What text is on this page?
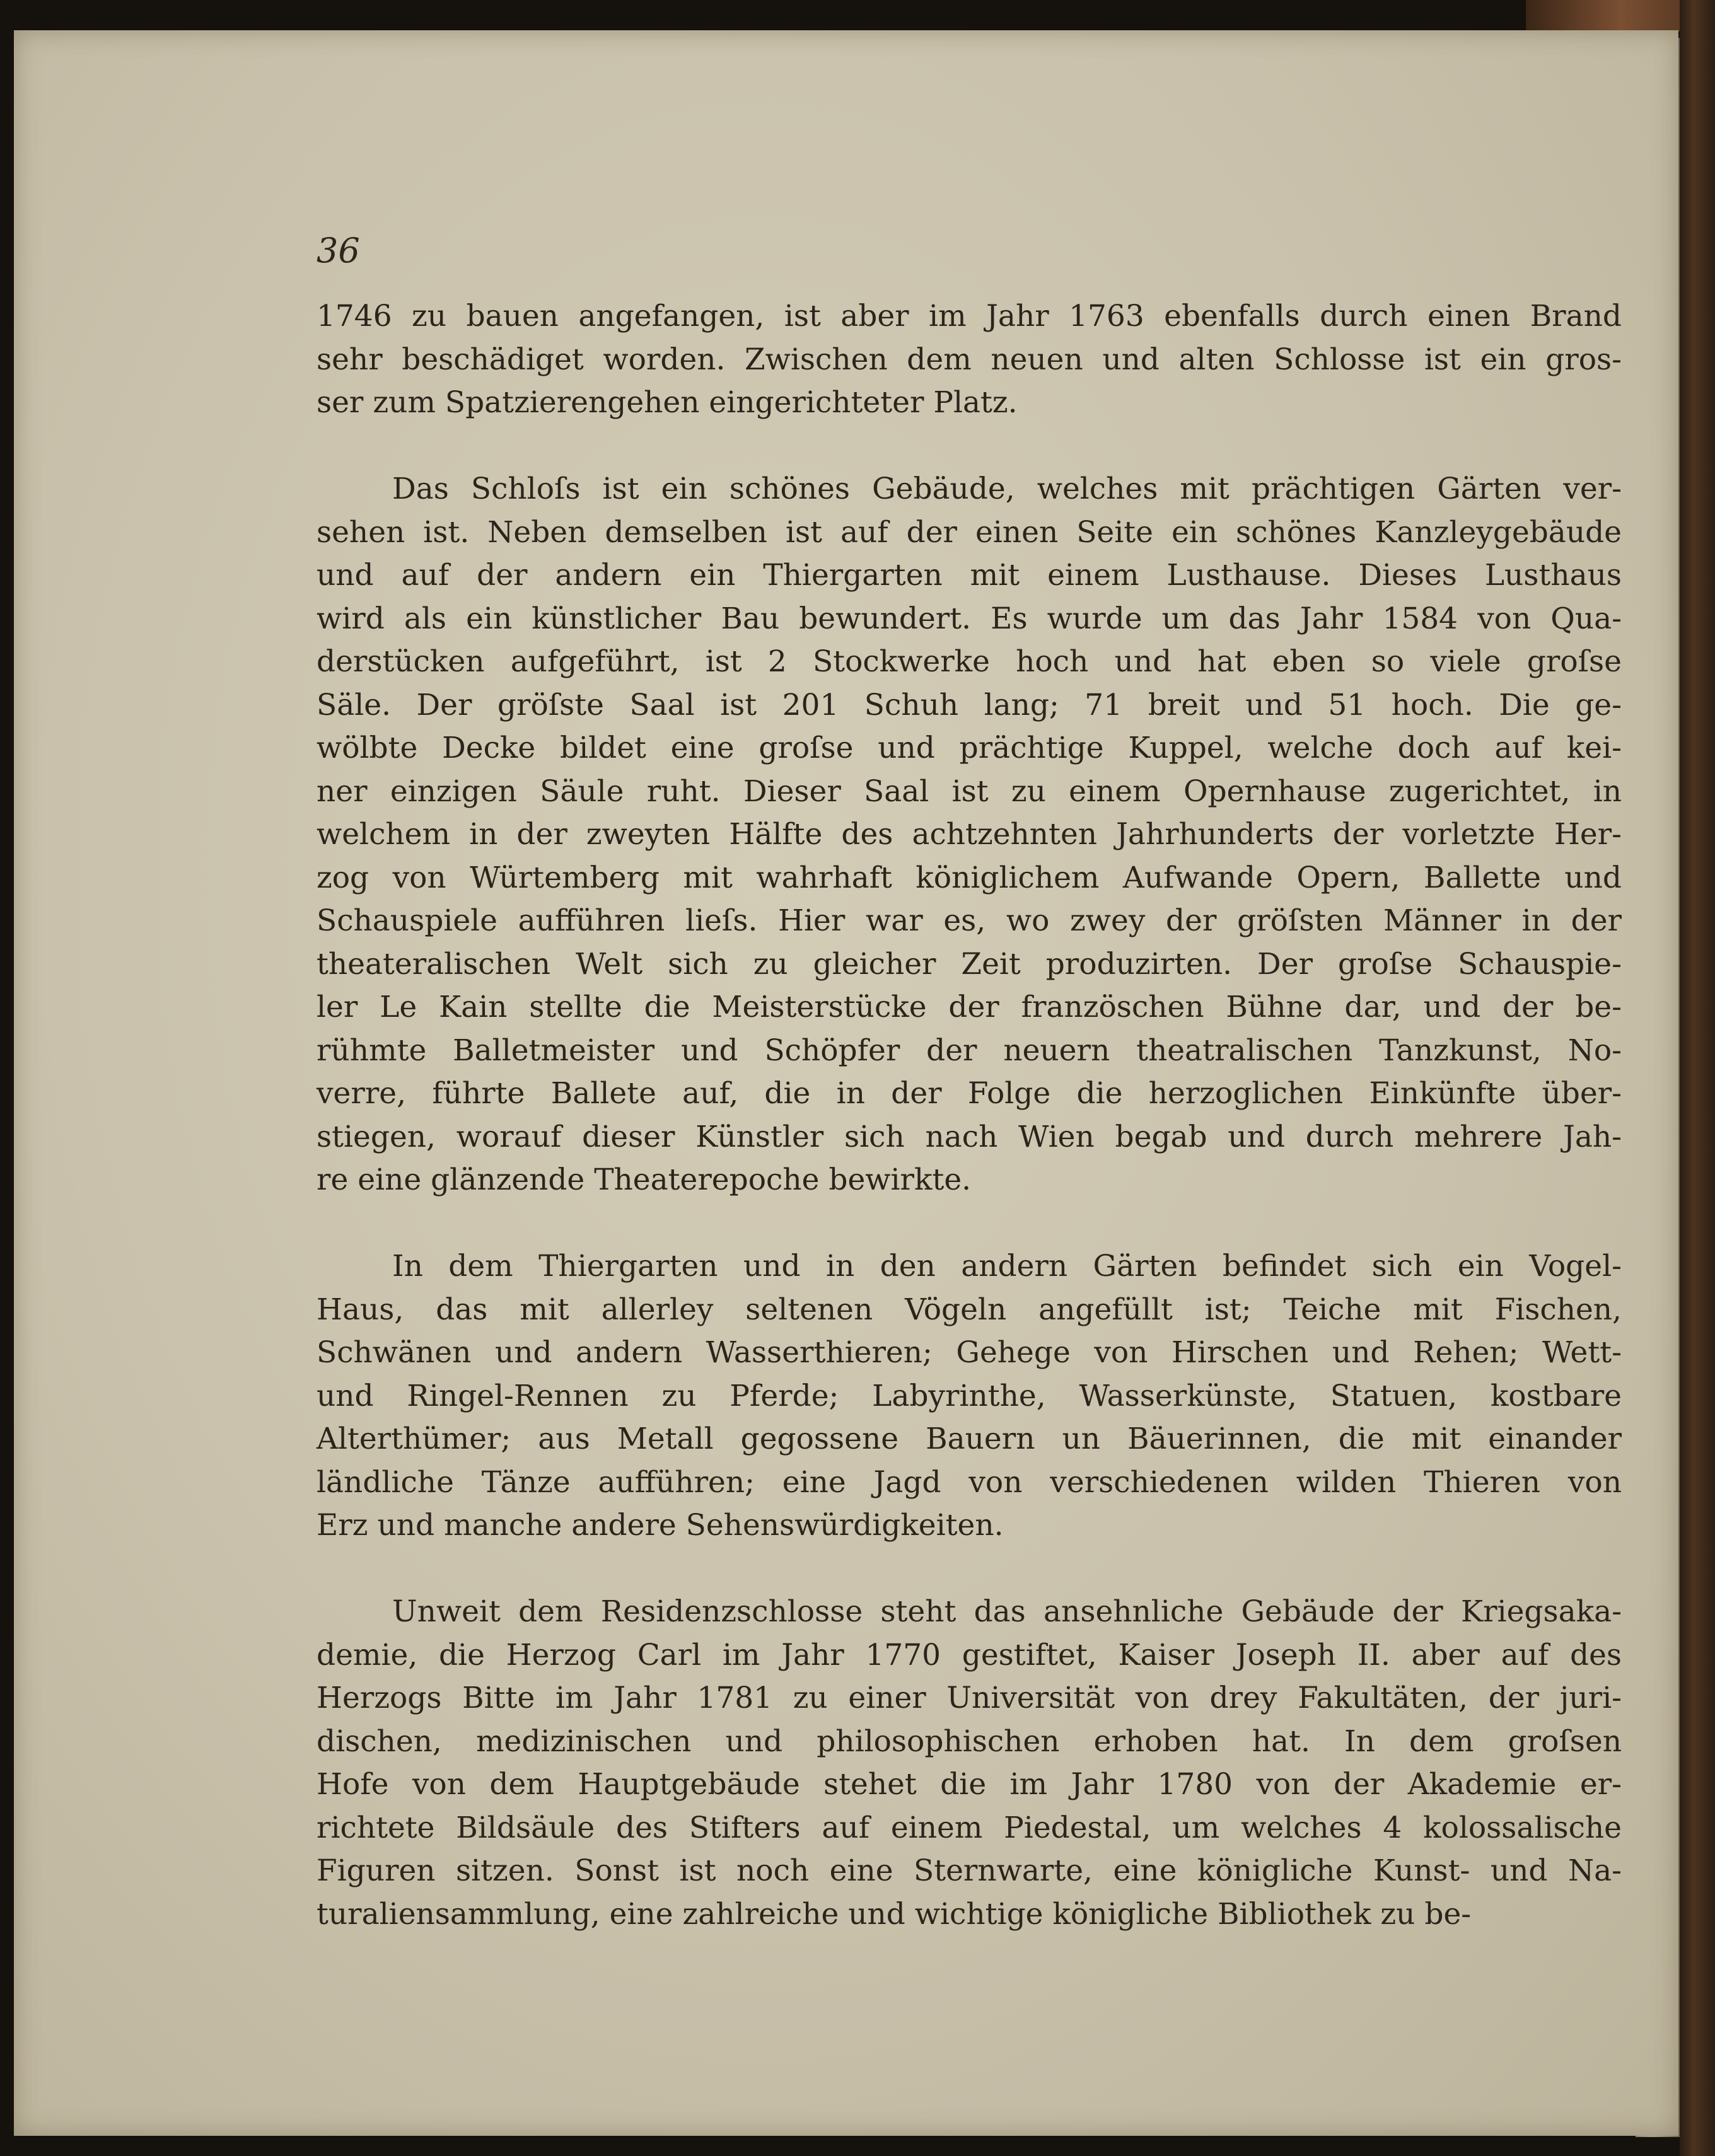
36

1746 zu bauen angefangen, ist aber im Jahr 1763 ebenfalls durch einen Brand
sehr beschädiget worden. Zwischen dem neuen und alten Schlosse ist ein gros-
ser zum Spatzierengehen eingerichteter Platz.
Das Schloſs ist ein schönes Gebäude, welches mit prächtigen Gärten ver-
sehen ist. Neben demselben ist auf der einen Seite ein schönes Kanzleygebäude
und auf der andern ein Thiergarten mit einem Lusthause. Dieses Lusthaus
wird als ein künstlicher Bau bewundert. Es wurde um das Jahr 1584 von Qua-
derstücken aufgeführt, ist 2 Stockwerke hoch und hat eben so viele groſse
Säle. Der gröſste Saal ist 201 Schuh lang; 71 breit und 51 hoch. Die ge-
wölbte Decke bildet eine groſse und prächtige Kuppel, welche doch auf kei-
ner einzigen Säule ruht. Dieser Saal ist zu einem Opernhause zugerichtet, in
welchem in der zweyten Hälfte des achtzehnten Jahrhunderts der vorletzte Her-
zog von Würtemberg mit wahrhaft königlichem Aufwande Opern, Ballette und
Schauspiele aufführen lieſs. Hier war es, wo zwey der gröſsten Männer in der
theateralischen Welt sich zu gleicher Zeit produzirten. Der groſse Schauspie-
ler Le Kain stellte die Meisterstücke der französchen Bühne dar, und der be-
rühmte Balletmeister und Schöpfer der neuern theatralischen Tanzkunst, No-
verre, führte Ballete auf, die in der Folge die herzoglichen Einkünfte über-
stiegen, worauf dieser Künstler sich nach Wien begab und durch mehrere Jah-
re eine glänzende Theaterepoche bewirkte.
In dem Thiergarten und in den andern Gärten befindet sich ein Vogel-
Haus, das mit allerley seltenen Vögeln angefüllt ist; Teiche mit Fischen,
Schwänen und andern Wasserthieren; Gehege von Hirschen und Rehen; Wett-
und Ringel-Rennen zu Pferde; Labyrinthe, Wasserkünste, Statuen, kostbare
Alterthümer; aus Metall gegossene Bauern un Bäuerinnen, die mit einander
ländliche Tänze aufführen; eine Jagd von verschiedenen wilden Thieren von
Erz und manche andere Sehenswürdigkeiten.
Unweit dem Residenzschlosse steht das ansehnliche Gebäude der Kriegsaka-
demie, die Herzog Carl im Jahr 1770 gestiftet, Kaiser Joseph II. aber auf des
Herzogs Bitte im Jahr 1781 zu einer Universität von drey Fakultäten, der juri-
dischen, medizinischen und philosophischen erhoben hat. In dem groſsen
Hofe von dem Hauptgebäude stehet die im Jahr 1780 von der Akademie er-
richtete Bildsäule des Stifters auf einem Piedestal, um welches 4 kolossalische
Figuren sitzen. Sonst ist noch eine Sternwarte, eine königliche Kunst- und Na-
turaliensammlung, eine zahlreiche und wichtige königliche Bibliothek zu be-
